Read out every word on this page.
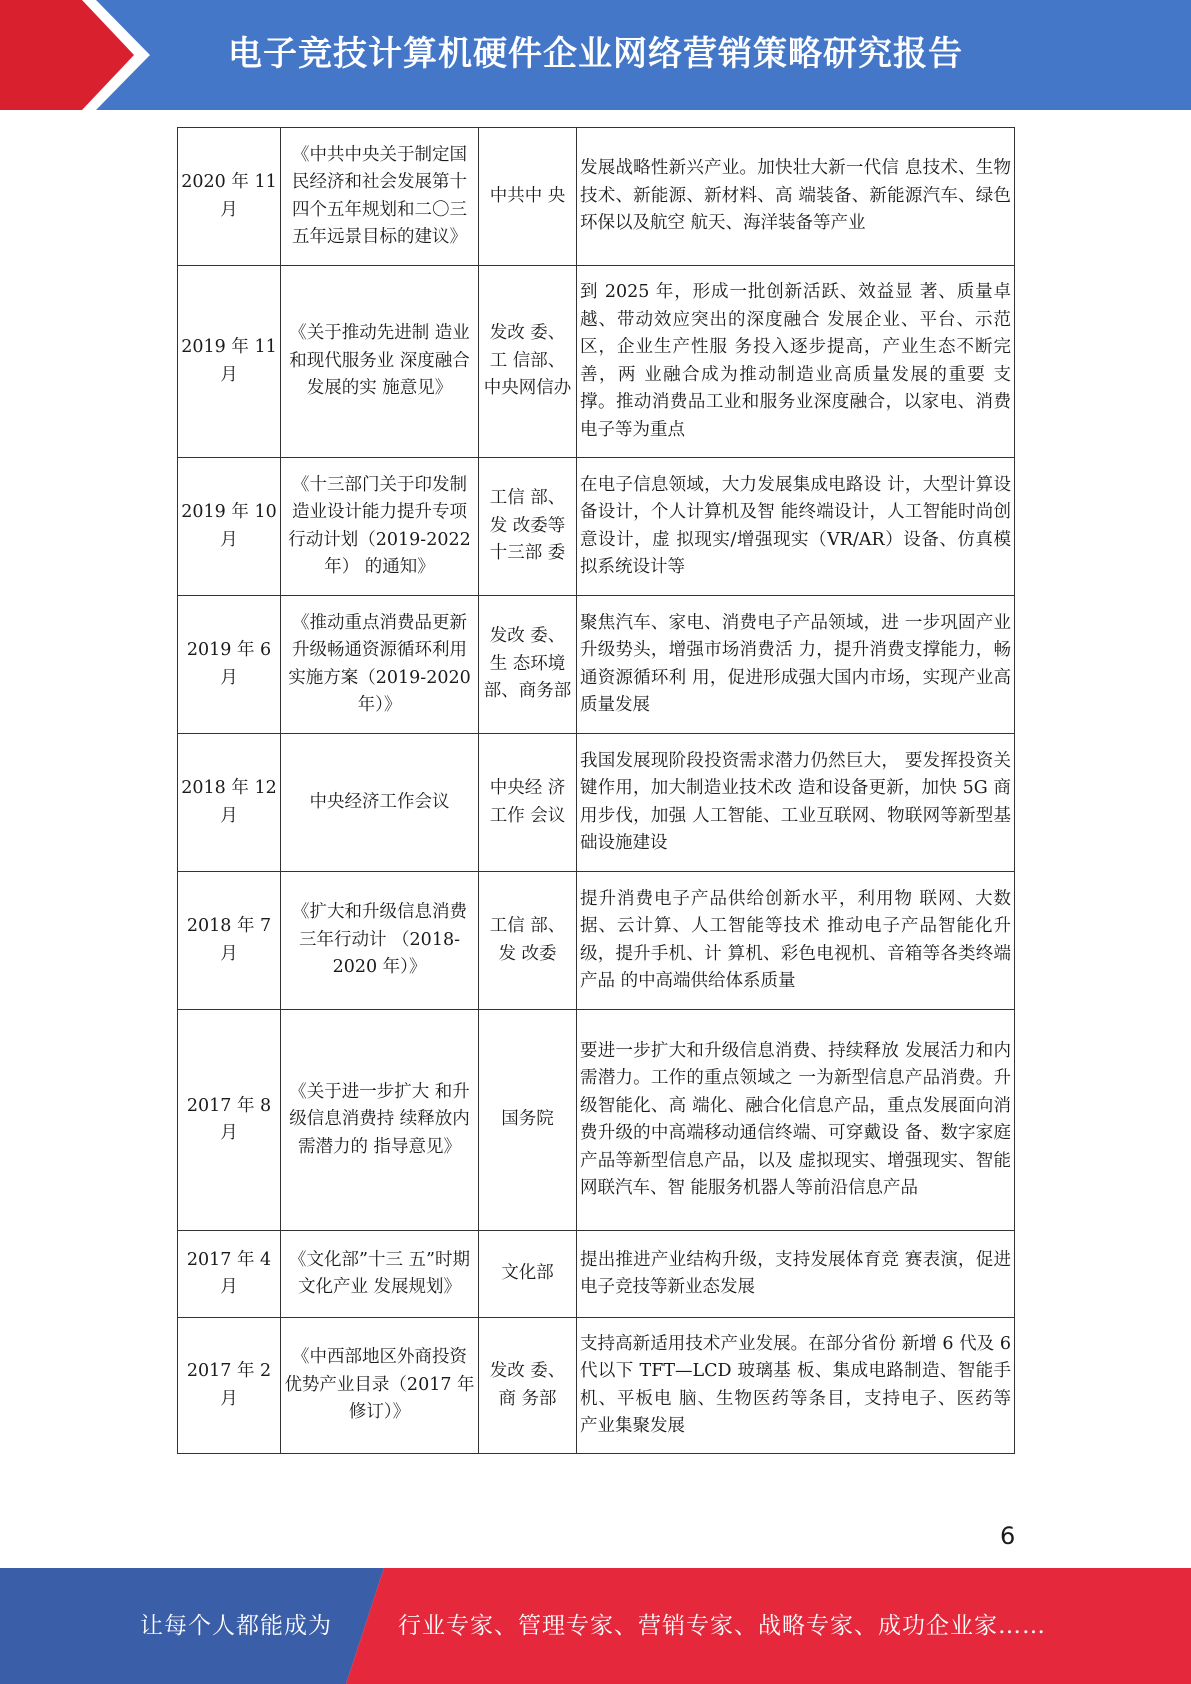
电子竞技计算机硬件企业网络营销策略研究报告
2020 年 11月	《中共中央关于制定国民经济和社会发展第十四个五年规划和二〇三五年远景目标的建议》	中共中 央	发展战略性新兴产业。加快壮大新一代信 息技术、生物技术、新能源、新材料、高 端装备、新能源汽车、绿色环保以及航空 航天、海洋装备等产业
2019 年 11月	《关于推动先进制 造业和现代服务业 深度融合发展的实 施意见》	发改 委、工 信部、中央网信办	到 2025 年，形成一批创新活跃、效益显 著、质量卓越、带动效应突出的深度融合 发展企业、平台、示范区，企业生产性服 务投入逐步提高，产业生态不断完善，两 业融合成为推动制造业高质量发展的重要 支撑。推动消费品工业和服务业深度融合，以家电、消费电子等为重点
2019 年 10月	《十三部门关于印发制造业设计能力提升专项行动计划（2019-2022 年） 的通知》	工信 部、发 改委等十三部 委	在电子信息领域，大力发展集成电路设 计，大型计算设备设计，个人计算机及智 能终端设计，人工智能时尚创意设计，虚 拟现实/增强现实（VR/AR）设备、仿真模 拟系统设计等
2019 年 6月	《推动重点消费品更新升级畅通资源循环利用实施方案（2019-2020 年）》	发改 委、生 态环境部、商务部	聚焦汽车、家电、消费电子产品领域，进 一步巩固产业升级势头，增强市场消费活 力，提升消费支撑能力，畅通资源循环利 用，促进形成强大国内市场，实现产业高 质量发展
2018 年 12月	中央经济工作会议	中央经 济工作 会议	我国发展现阶段投资需求潜力仍然巨大， 要发挥投资关键作用，加大制造业技术改 造和设备更新，加快 5G 商用步伐，加强 人工智能、工业互联网、物联网等新型基 础设施建设
2018 年 7月	《扩大和升级信息消费三年行动计 （2018-2020 年）》	工信 部、发 改委	提升消费电子产品供给创新水平，利用物 联网、大数据、云计算、人工智能等技术 推动电子产品智能化升级，提升手机、计 算机、彩色电视机、音箱等各类终端产品 的中高端供给体系质量
2017 年 8月	《关于进一步扩大 和升级信息消费持 续释放内需潜力的 指导意见》	国务院	要进一步扩大和升级信息消费、持续释放 发展活力和内需潜力。工作的重点领域之 一为新型信息产品消费。升级智能化、高 端化、融合化信息产品，重点发展面向消 费升级的中高端移动通信终端、可穿戴设 备、数字家庭产品等新型信息产品，以及 虚拟现实、增强现实、智能网联汽车、智 能服务机器人等前沿信息产品
2017 年 4月	《文化部”十三 五”时期文化产业 发展规划》	文化部	提出推进产业结构升级，支持发展体育竞 赛表演，促进电子竞技等新业态发展
2017 年 2月	《中西部地区外商投资优势产业目录（2017 年修订）》	发改 委、商 务部	支持高新适用技术产业发展。在部分省份 新增 6 代及 6 代以下 TFT—LCD 玻璃基 板、集成电路制造、智能手机、平板电 脑、生物医药等条目，支持电子、医药等 产业集聚发展
6
让每个人都能成为	行业专家、管理专家、营销专家、战略专家、成功企业家……
